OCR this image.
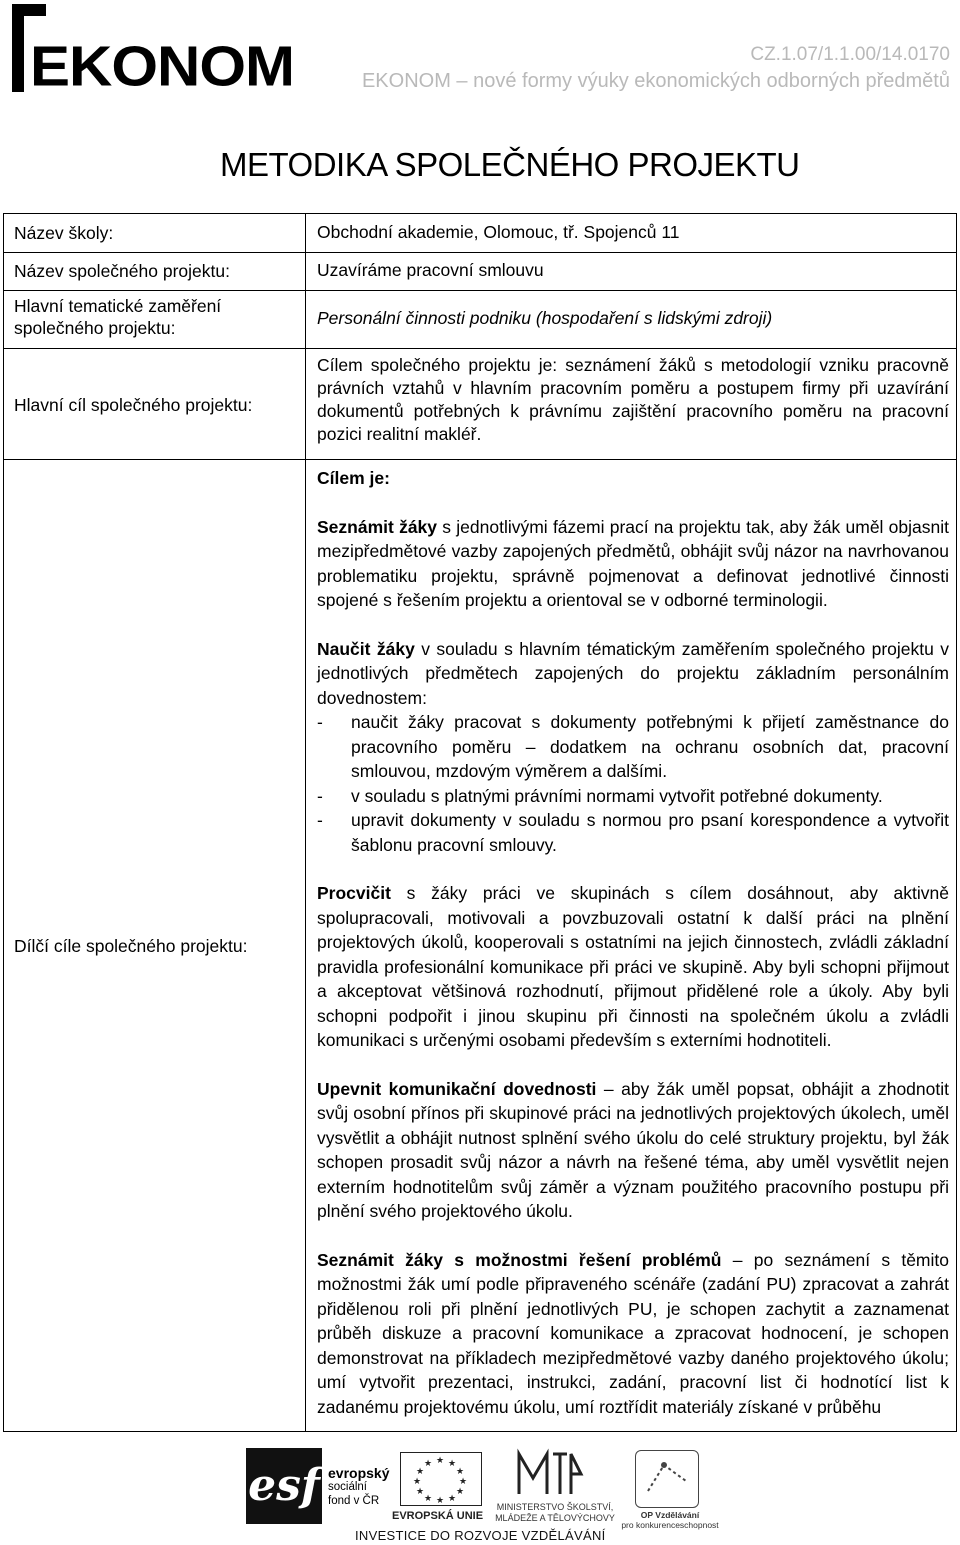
EKONOM	CZ.1.07/1.1.00/14.0170
EKONOM – nové formy výuky ekonomických odborných předmětů
METODIKA SPOLEČNÉHO PROJEKTU
Název školy:	Obchodní akademie, Olomouc, tř. Spojenců 11
Název společného projektu:	Uzavíráme pracovní smlouvu
Hlavní tematické zaměření
společného projektu:	Personální činnosti podniku (hospodaření s lidskými zdroji)
Hlavní cíl společného projektu:
Cílem společného projektu je: seznámení žáků s metodologií vzniku pracovně právních vztahů v hlavním pracovním poměru a postupem firmy při uzavírání dokumentů potřebných k právnímu zajištění pracovního poměru na pracovní pozici realitní makléř.
Dílčí cíle společného projektu:

Cílem je:

Seznámit žáky s jednotlivými fázemi prací na projektu tak, aby žák uměl objasnit mezipředmětové vazby zapojených předmětů, obhájit svůj názor na navrhovanou problematiku projektu, správně pojmenovat a definovat jednotlivé činnosti spojené s řešením projektu a orientoval se v odborné terminologii.

Naučit žáky v souladu s hlavním tématickým zaměřením společného projektu v jednotlivých předmětech zapojených do projektu základním personálním dovednostem:

-	naučit žáky pracovat s dokumenty potřebnými k přijetí zaměstnance do pracovního poměru – dodatkem na ochranu osobních dat, pracovní smlouvou, mzdovým výměrem a dalšími.
-	v souladu s platnými právními normami vytvořit potřebné dokumenty.
-	upravit dokumenty v souladu s normou pro psaní korespondence a vytvořit šablonu pracovní smlouvy.

Procvičit s žáky práci ve skupinách s cílem dosáhnout, aby aktivně spolupracovali, motivovali a povzbuzovali ostatní k další práci na plnění projektových úkolů, kooperovali s ostatními na jejich činnostech, zvládli základní pravidla profesionální komunikace při práci ve skupině. Aby byli schopni přijmout a akceptovat většinová rozhodnutí, přijmout přidělené role a úkoly. Aby byli schopni podpořit i jinou skupinu při činnosti na společném úkolu a zvládli komunikaci s určenými osobami především s externími hodnotiteli.

Upevnit komunikační dovednosti – aby žák uměl popsat, obhájit a zhodnotit svůj osobní přínos při skupinové práci na jednotlivých projektových úkolech, uměl vysvětlit a obhájit nutnost splnění svého úkolu do celé struktury projektu, byl žák schopen prosadit svůj názor a návrh na řešené téma, aby uměl vysvětlit nejen externím hodnotitelům svůj záměr a význam použitého pracovního postupu při plnění svého projektového úkolu.

Seznámit žáky s možnostmi řešení problémů – po seznámení s těmito možnostmi žák umí podle připraveného scénáře (zadání PU) zpracovat a zahrát přidělenou roli při plnění jednotlivých PU, je schopen zachytit a zaznamenat průběh diskuze a pracovní komunikace a zpracovat hodnocení, je schopen demonstrovat na příkladech mezipředmětové vazby daného projektového úkolu; umí vytvořit prezentaci, instrukci, zadání, pracovní list či hodnotící list k zadanému projektovému úkolu, umí roztřídit materiály získané v průběhu

esf evropský
sociální
fond v ČR
★ ★
★
★
★
★
★
★
★
★
★
★
EVROPSKÁ UNIE
MINISTERSTVO ŠKOLSTVÍ,
MLÁDEŽE A TĚLOVÝCHOVY	OP Vzdělávání
pro konkurenceschopnost
INVESTICE DO ROZVOJE VZDĚLÁVÁNÍ
